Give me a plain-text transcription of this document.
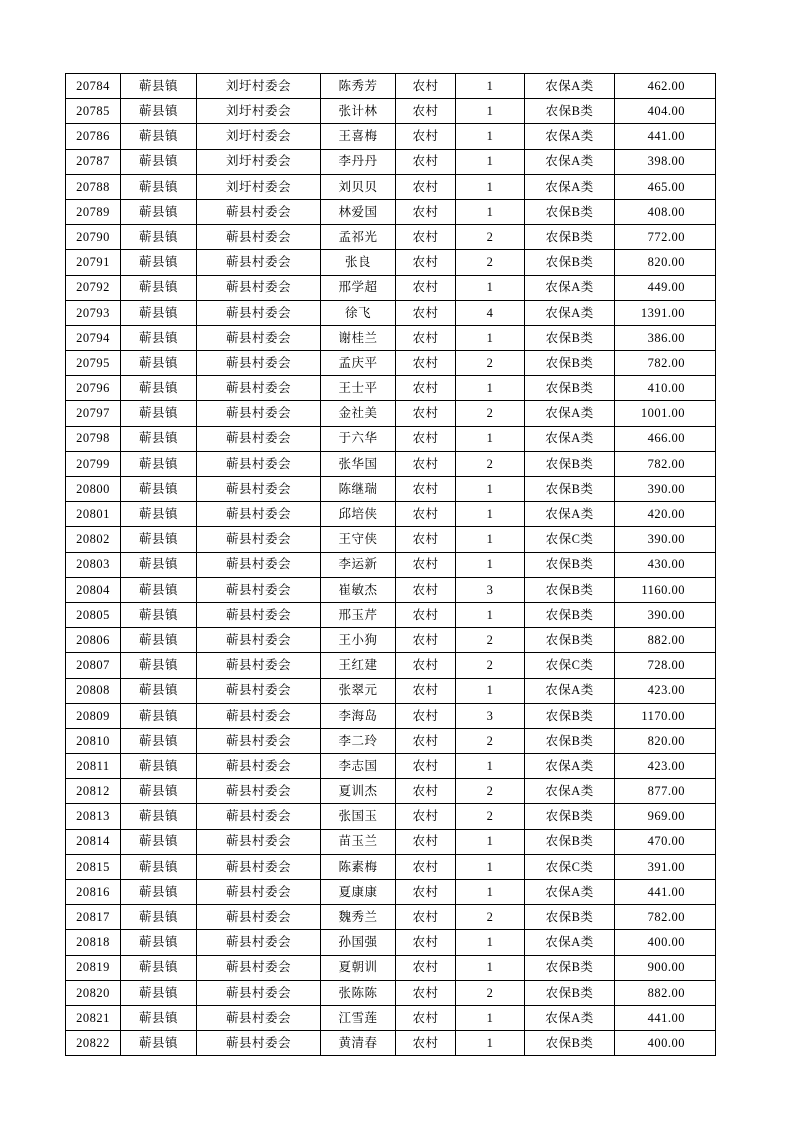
20784	蕲县镇	刘圩村委会	陈秀芳	农村	1	农保A类	462.00
20785	蕲县镇	刘圩村委会	张计林	农村	1	农保B类	404.00
20786	蕲县镇	刘圩村委会	王喜梅	农村	1	农保A类	441.00
20787	蕲县镇	刘圩村委会	李丹丹	农村	1	农保A类	398.00
20788	蕲县镇	刘圩村委会	刘贝贝	农村	1	农保A类	465.00
20789	蕲县镇	蕲县村委会	林爱国	农村	1	农保B类	408.00
20790	蕲县镇	蕲县村委会	孟祁光	农村	2	农保B类	772.00
20791	蕲县镇	蕲县村委会	张良	农村	2	农保B类	820.00
20792	蕲县镇	蕲县村委会	邢学超	农村	1	农保A类	449.00
20793	蕲县镇	蕲县村委会	徐飞	农村	4	农保A类	1391.00
20794	蕲县镇	蕲县村委会	谢桂兰	农村	1	农保B类	386.00
20795	蕲县镇	蕲县村委会	孟庆平	农村	2	农保B类	782.00
20796	蕲县镇	蕲县村委会	王士平	农村	1	农保B类	410.00
20797	蕲县镇	蕲县村委会	金社美	农村	2	农保A类	1001.00
20798	蕲县镇	蕲县村委会	于六华	农村	1	农保A类	466.00
20799	蕲县镇	蕲县村委会	张华国	农村	2	农保B类	782.00
20800	蕲县镇	蕲县村委会	陈继瑞	农村	1	农保B类	390.00
20801	蕲县镇	蕲县村委会	邱培侠	农村	1	农保A类	420.00
20802	蕲县镇	蕲县村委会	王守侠	农村	1	农保C类	390.00
20803	蕲县镇	蕲县村委会	李运新	农村	1	农保B类	430.00
20804	蕲县镇	蕲县村委会	崔敏杰	农村	3	农保B类	1160.00
20805	蕲县镇	蕲县村委会	邢玉芹	农村	1	农保B类	390.00
20806	蕲县镇	蕲县村委会	王小狗	农村	2	农保B类	882.00
20807	蕲县镇	蕲县村委会	王红建	农村	2	农保C类	728.00
20808	蕲县镇	蕲县村委会	张翠元	农村	1	农保A类	423.00
20809	蕲县镇	蕲县村委会	李海岛	农村	3	农保B类	1170.00
20810	蕲县镇	蕲县村委会	李二玲	农村	2	农保B类	820.00
20811	蕲县镇	蕲县村委会	李志国	农村	1	农保A类	423.00
20812	蕲县镇	蕲县村委会	夏训杰	农村	2	农保A类	877.00
20813	蕲县镇	蕲县村委会	张国玉	农村	2	农保B类	969.00
20814	蕲县镇	蕲县村委会	苗玉兰	农村	1	农保B类	470.00
20815	蕲县镇	蕲县村委会	陈素梅	农村	1	农保C类	391.00
20816	蕲县镇	蕲县村委会	夏康康	农村	1	农保A类	441.00
20817	蕲县镇	蕲县村委会	魏秀兰	农村	2	农保B类	782.00
20818	蕲县镇	蕲县村委会	孙国强	农村	1	农保A类	400.00
20819	蕲县镇	蕲县村委会	夏朝训	农村	1	农保B类	900.00
20820	蕲县镇	蕲县村委会	张陈陈	农村	2	农保B类	882.00
20821	蕲县镇	蕲县村委会	江雪莲	农村	1	农保A类	441.00
20822	蕲县镇	蕲县村委会	黄清春	农村	1	农保B类	400.00
